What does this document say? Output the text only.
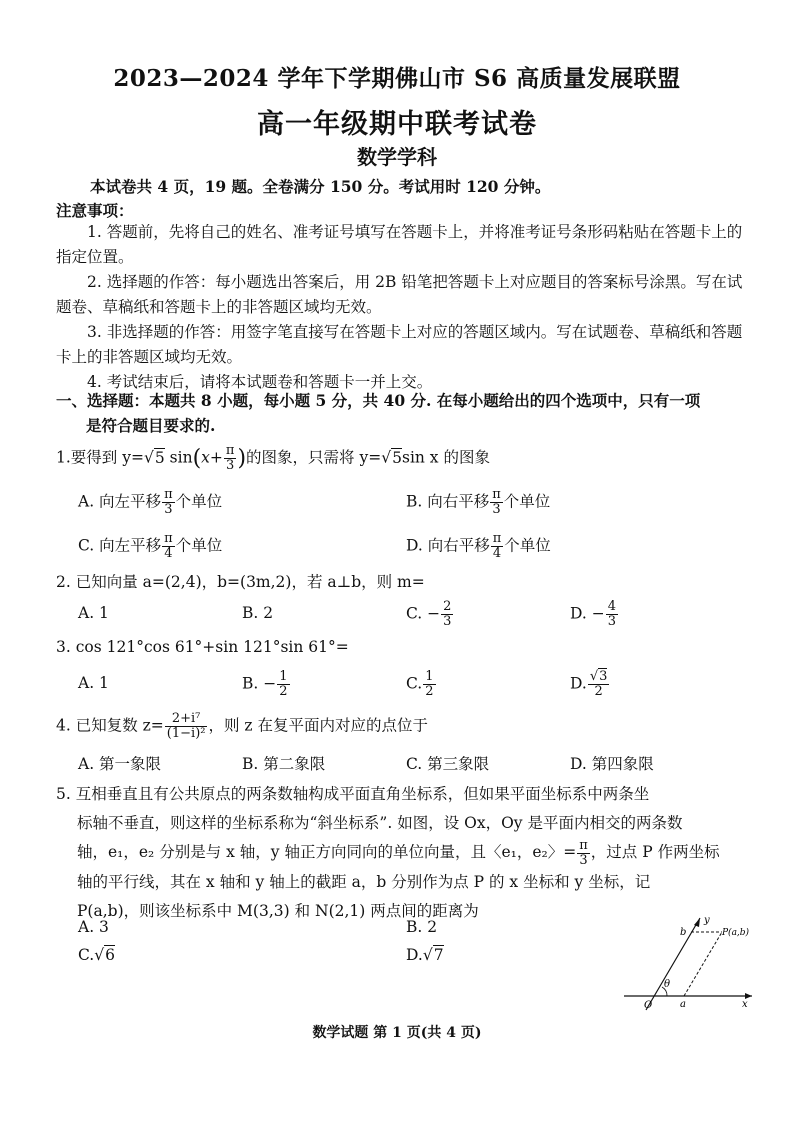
2023—2024 学年下学期佛山市 S6 高质量发展联盟
高一年级期中联考试卷
数学学科
本试卷共 4 页，19 题。全卷满分 150 分。考试用时 120 分钟。
注意事项：

1. 答题前，先将自己的姓名、准考证号填写在答题卡上，并将准考证号条形码粘贴在答题卡上的指定位置。

2. 选择题的作答：每小题选出答案后，用 2B 铅笔把答题卡上对应题目的答案标号涂黑。写在试题卷、草稿纸和答题卡上的非答题区域均无效。

3. 非选择题的作答：用签字笔直接写在答题卡上对应的答题区域内。写在试题卷、草稿纸和答题卡上的非答题区域均无效。

4. 考试结束后，请将本试题卷和答题卡一并上交。

一、选择题：本题共 8 小题，每小题 5 分，共 40 分. 在每小题给出的四个选项中，只有一项
是符合题目要求的.
1.要得到 y=√5 $\sin(x+ \frac{\pi}{3}$ )的图象，只需将 y=√5sin x 的图象
A. 向左平移 $\frac{\pi}{3}$ 个单位	B. 向右平移 $\frac{\pi}{3}$ 个单位
C. 向左平移 $\frac{\pi}{4}$ 个单位	D. 向右平移 $\frac{\pi}{4}$ 个单位
2. 已知向量 a=(2,4)，b=(3m,2)，若 a⊥b，则 m=
A. 1	B. 2	C. − $\frac{2}{3}$	D. − $\frac{4}{3}$
3. cos 121°cos 61°+sin 121°sin 61°=
A. 1	B. − $\frac{1}{2}$	C. $\frac{1}{2}$	D. $\frac{√3}{2}$
4. 已知复数 $z= \frac{\text{2+i⁷}}{\text{(1−i)²}}$ ，则 z 在复平面内对应的点位于
A. 第一象限	B. 第二象限	C. 第三象限	D. 第四象限
5. 互相垂直且有公共原点的两条数轴构成平面直角坐标系，但如果平面坐标系中两条坐
标轴不垂直，则这样的坐标系称为“斜坐标系”. 如图，设 Ox，Oy 是平面内相交的两条数
轴，e₁，e₂ 分别是与 x 轴，y 轴正方向同向的单位向量，且〈e₁，e₂〉= $\frac{\pi}{3}$ ，过点 P 作两坐标
轴的平行线，其在 x 轴和 y 轴上的截距 a，b 分别作为点 P 的 x 坐标和 y 坐标，记
P(a,b)，则该坐标系中 M(3,3) 和 N(2,1) 两点间的距离为
A. 3	B. 2
C.√6	D.√7
y
b	P(a,b)
θ
O	a	x
数学试题 第 1 页(共 4 页)
